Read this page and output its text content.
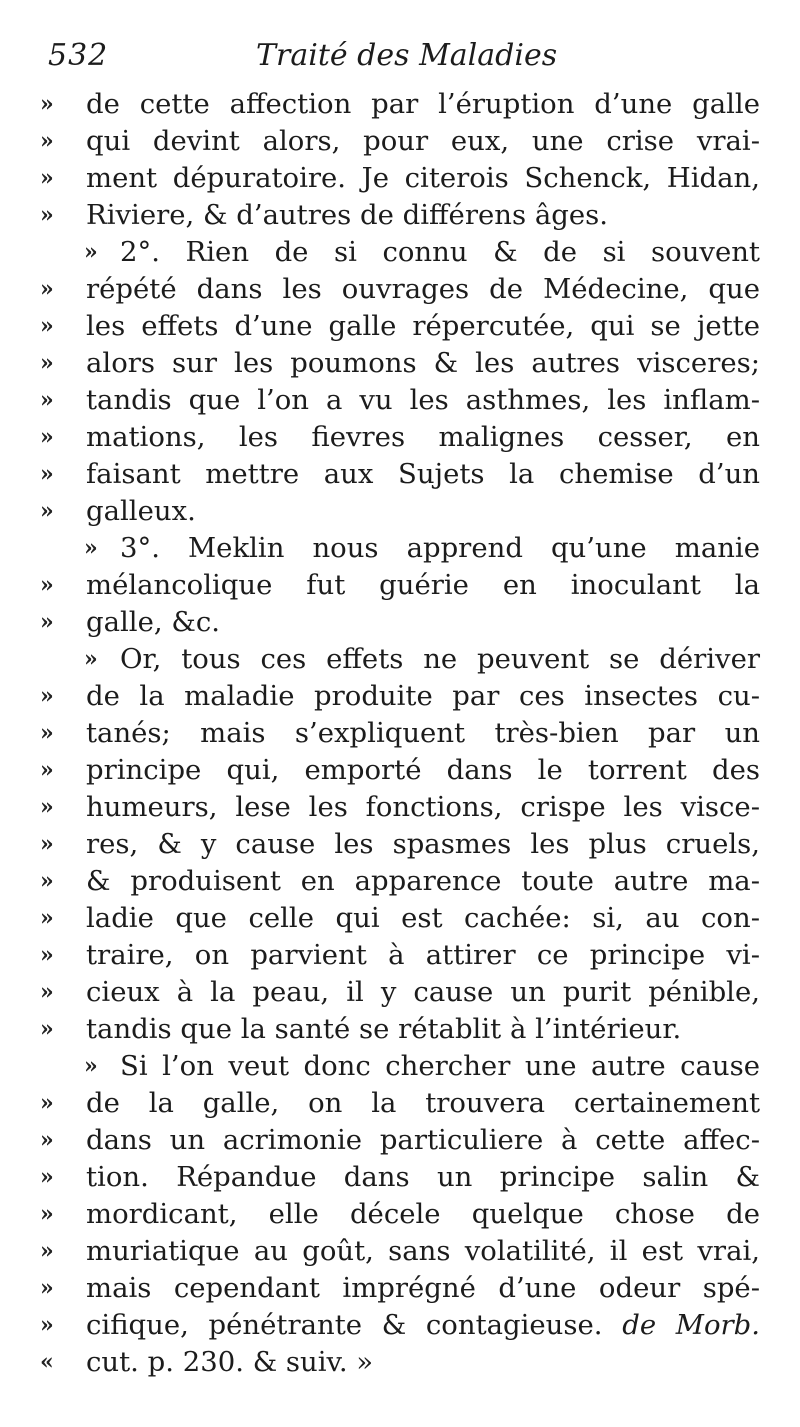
532	Traité des Maladies
»	de cette affection par l’éruption d’une galle
»	qui devint alors, pour eux, une crise vrai-
»	ment dépuratoire. Je citerois Schenck, Hidan,
»	Riviere, & d’autres de différens âges.
» 2°. Rien de si connu & de si souvent
»	répété dans les ouvrages de Médecine, que
»	les effets d’une galle répercutée, qui se jette
»	alors sur les poumons & les autres visceres;
»	tandis que l’on a vu les asthmes, les inflam-
»	mations, les fievres malignes cesser, en
»	faisant mettre aux Sujets la chemise d’un
»	galleux.
» 3°. Meklin nous apprend qu’une manie
»	mélancolique fut guérie en inoculant la
»	galle, &c.
» Or, tous ces effets ne peuvent se dériver
»	de la maladie produite par ces insectes cu-
»	tanés; mais s’expliquent très-bien par un
»	principe qui, emporté dans le torrent des
»	humeurs, lese les fonctions, crispe les visce-
»	res, & y cause les spasmes les plus cruels,
»	& produisent en apparence toute autre ma-
»	ladie que celle qui est cachée: si, au con-
»	traire, on parvient à attirer ce principe vi-
»	cieux à la peau, il y cause un purit pénible,
»	tandis que la santé se rétablit à l’intérieur.
» Si l’on veut donc chercher une autre cause
»	de la galle, on la trouvera certainement
»	dans un acrimonie particuliere à cette affec-
»	tion. Répandue dans un principe salin &
»	mordicant, elle décele quelque chose de
»	muriatique au goût, sans volatilité, il est vrai,
»	mais cependant imprégné d’une odeur spé-
»	cifique, pénétrante & contagieuse. de Morb.
«	cut. p. 230. & suiv. »
